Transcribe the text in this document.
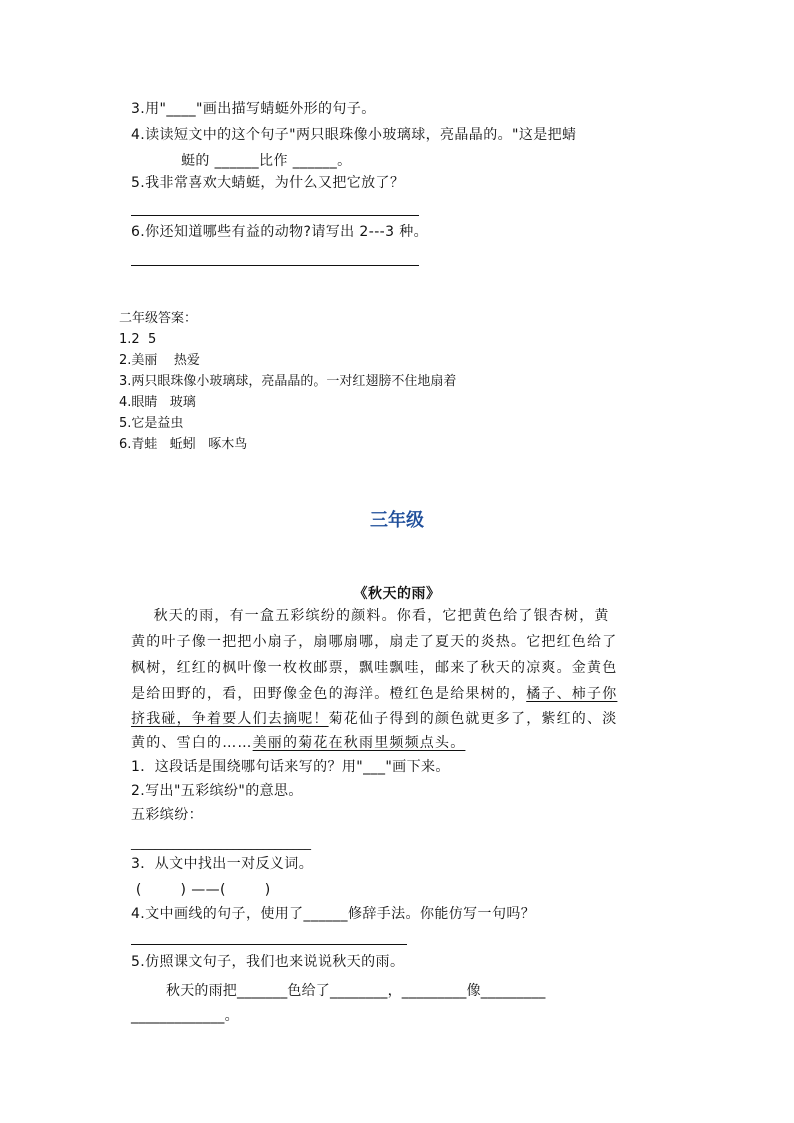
3.用"____"画出描写蜻蜓外形的句子。
4.读读短文中的这个句子"两只眼珠像小玻璃球，亮晶晶的。"这是把蜻
蜓的 ______比作 ______。
5.我非常喜欢大蜻蜓，为什么又把它放了？
6.你还知道哪些有益的动物?请写出 2---3 种。
二年级答案：
1.2  5
2.美丽    热爱
3.两只眼珠像小玻璃球，亮晶晶的。一对红翅膀不住地扇着
4.眼睛   玻璃
5.它是益虫
6.青蛙   蚯蚓   啄木鸟
三年级
《秋天的雨》
秋天的雨，有一盒五彩缤纷的颜料。你看，它把黄色给了银杏树，黄
黄的叶子像一把把小扇子，扇哪扇哪，扇走了夏天的炎热。它把红色给了
枫树，红红的枫叶像一枚枚邮票，飘哇飘哇，邮来了秋天的凉爽。金黄色
是给田野的，看，田野像金色的海洋。橙红色是给果树的，橘子、柿子你
挤我碰，争着要人们去摘呢！菊花仙子得到的颜色就更多了，紫红的、淡
黄的、雪白的……美丽的菊花在秋雨里频频点头。
1．这段话是围绕哪句话来写的？用"___"画下来。
2.写出"五彩缤纷"的意思。
五彩缤纷：
______________________________
3．从文中找出一对反义词。
(        ) ——(        )
4.文中画线的句子，使用了______修辞手法。你能仿写一句吗？
5.仿照课文句子，我们也来说说秋天的雨。
秋天的雨把_______色给了________，_________像_________
_____________。
